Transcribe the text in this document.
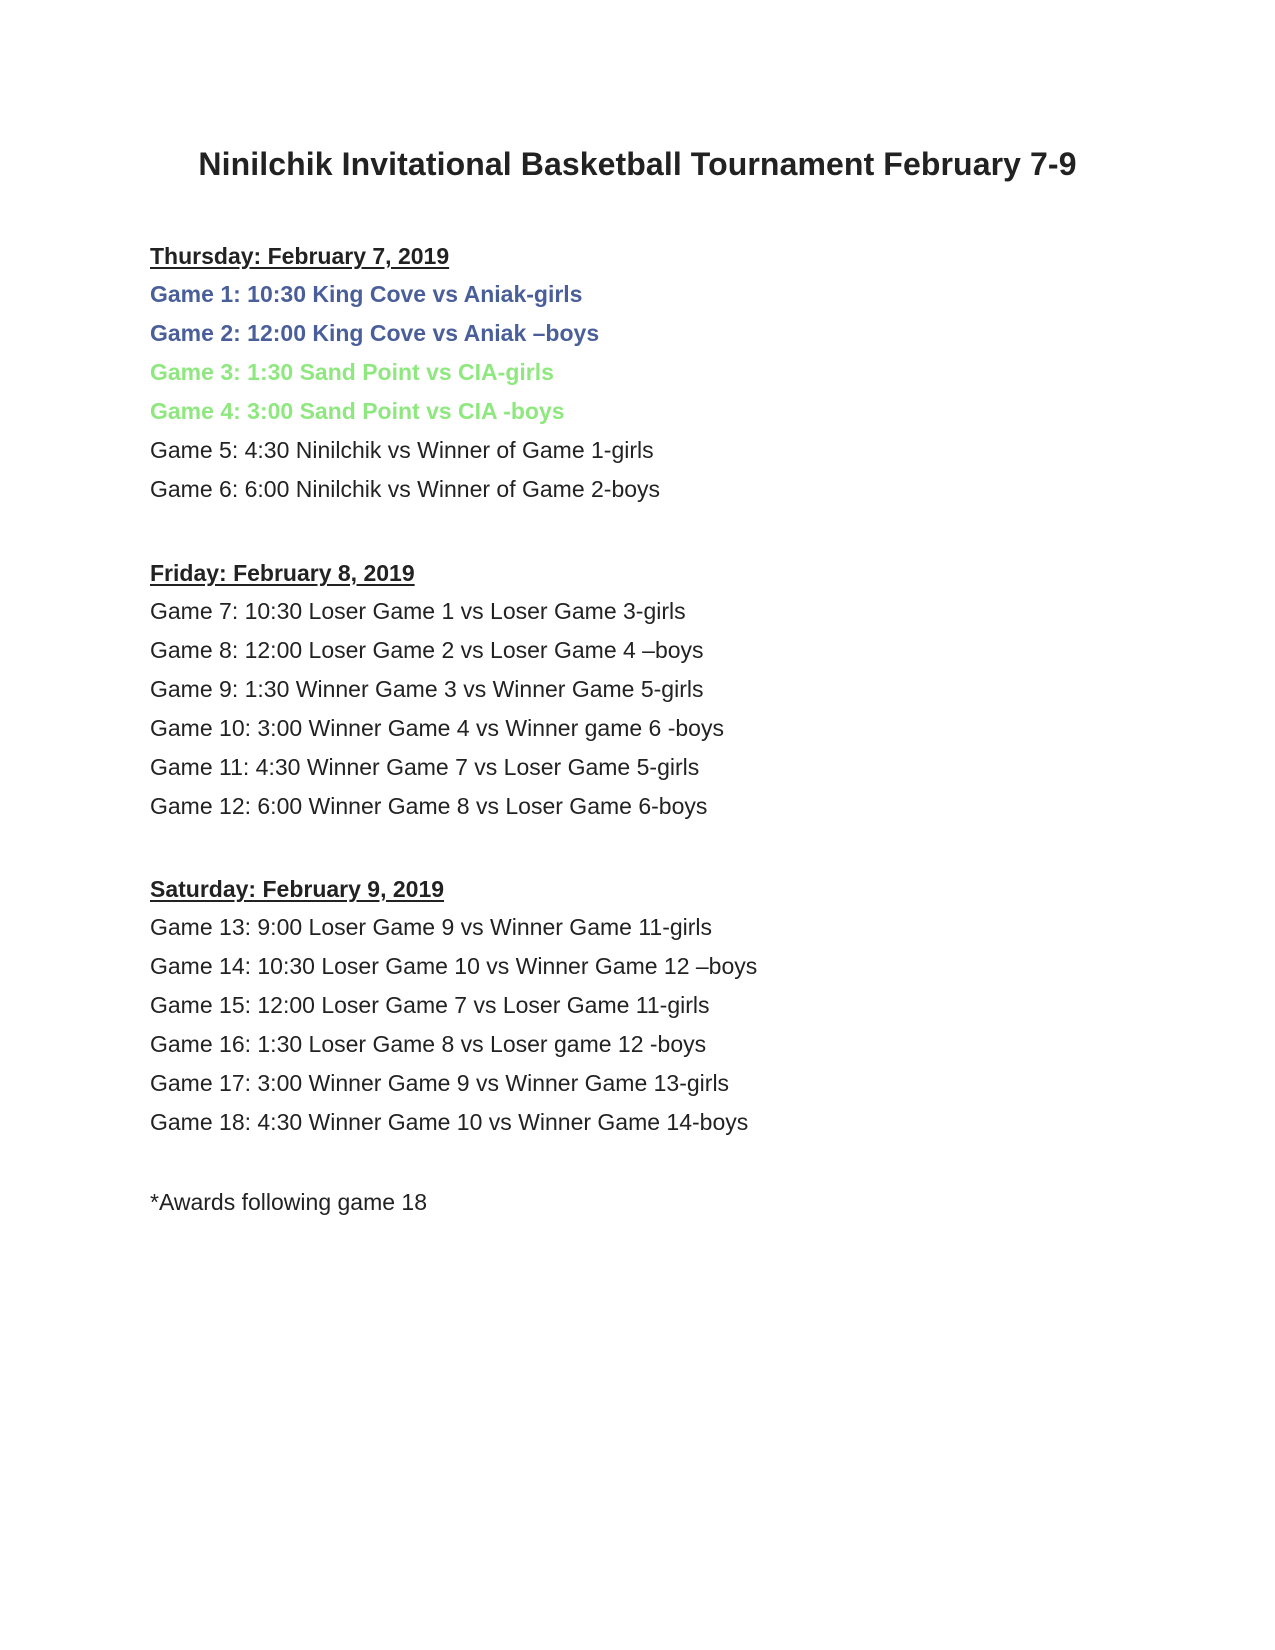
Ninilchik Invitational Basketball Tournament February 7-9
Thursday: February 7, 2019
Game 1: 10:30 King Cove vs Aniak-girls
Game 2: 12:00 King Cove vs Aniak –boys
Game 3: 1:30 Sand Point vs CIA-girls
Game 4: 3:00 Sand Point vs CIA -boys
Game 5: 4:30 Ninilchik vs Winner of Game 1-girls
Game 6: 6:00 Ninilchik vs Winner of Game 2-boys
Friday: February 8, 2019
Game 7: 10:30 Loser Game 1 vs Loser Game 3-girls
Game 8: 12:00 Loser Game 2 vs Loser Game 4 –boys
Game 9: 1:30 Winner Game 3 vs Winner Game 5-girls
Game 10: 3:00 Winner Game 4 vs Winner game 6 -boys
Game 11: 4:30 Winner Game 7 vs Loser Game 5-girls
Game 12: 6:00 Winner Game 8 vs Loser Game 6-boys
Saturday: February 9, 2019
Game 13: 9:00 Loser Game 9 vs Winner Game 11-girls
Game 14: 10:30 Loser Game 10 vs Winner Game 12 –boys
Game 15: 12:00 Loser Game 7 vs Loser Game 11-girls
Game 16: 1:30 Loser Game 8 vs Loser game 12 -boys
Game 17: 3:00 Winner Game 9 vs Winner Game 13-girls
Game 18: 4:30 Winner Game 10 vs Winner Game 14-boys
*Awards following game 18
